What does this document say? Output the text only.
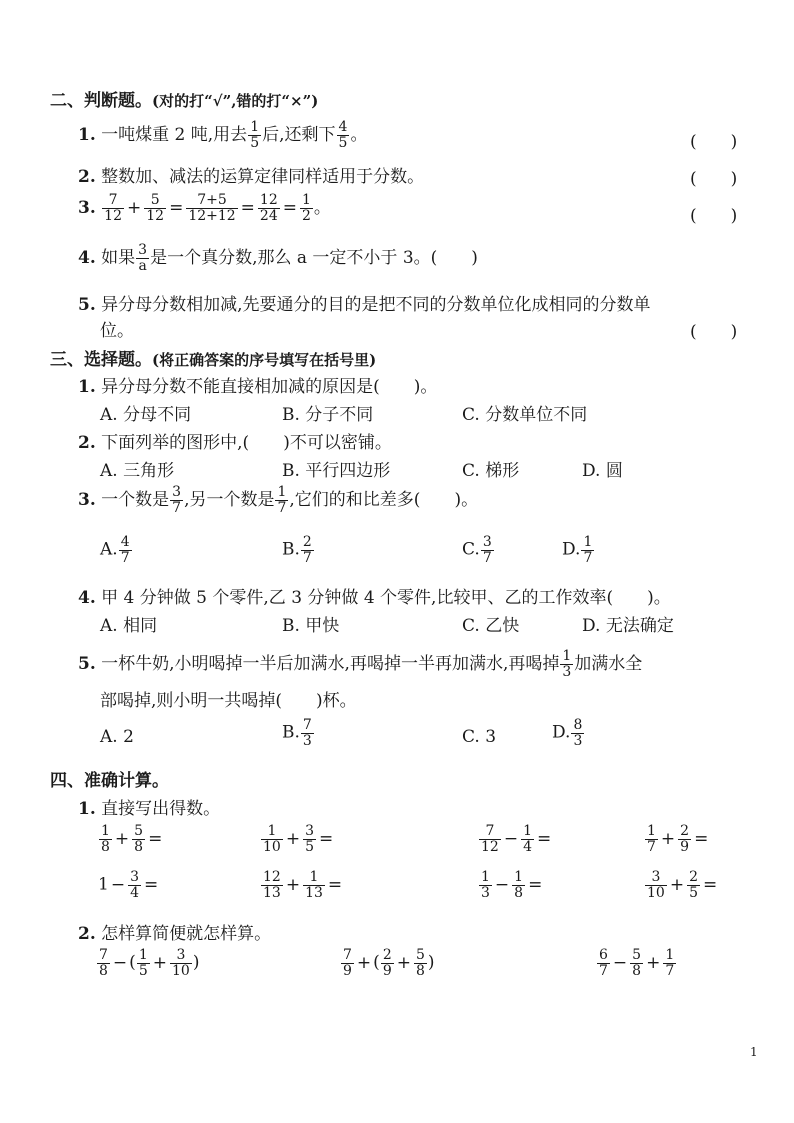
二、判断题。(对的打“√”,错的打“×”)
1. 一吨煤重 2 吨,用去 $\frac{1}{5}$ 后,还剩下 $\frac{4}{5}$ 。	(　　)
2. 整数加、减法的运算定律同样适用于分数。	(　　)
3. $\frac{7}{12} + \frac{5}{12} = \frac{7+5}{12+12} = \frac{12}{24} = \frac{1}{2}$ 。	(　　)
4. 如果 $\frac{3}{a}$ 是一个真分数,那么 a 一定不小于 3。(　　)
5. 异分母分数相加减,先要通分的目的是把不同的分数单位化成相同的分数单
位。	(　　)
三、选择题。(将正确答案的序号填写在括号里)
1. 异分母分数不能直接相加减的原因是(　　)。
A. 分母不同	B. 分子不同	C. 分数单位不同
2. 下面列举的图形中,(　　)不可以密铺。
A. 三角形	B. 平行四边形	C. 梯形	D. 圆
3. 一个数是 $\frac{3}{7}$ ,另一个数是 $\frac{1}{7}$ ,它们的和比差多(　　)。
A. $\frac{4}{7}$	B. $\frac{2}{7}$	C. $\frac{3}{7}$	D. $\frac{1}{7}$
4. 甲 4 分钟做 5 个零件,乙 3 分钟做 4 个零件,比较甲、乙的工作效率(　　)。
A. 相同	B. 甲快	C. 乙快	D. 无法确定
5. 一杯牛奶,小明喝掉一半后加满水,再喝掉一半再加满水,再喝掉 $\frac{1}{3}$ 加满水全
部喝掉,则小明一共喝掉(　　)杯。
A. 2	B. $\frac{7}{3}$	C. 3	D. $\frac{8}{3}$
四、准确计算。
1. 直接写出得数。
$\frac{1}{8} + \frac{5}{8}$ =	$\frac{1}{10} + \frac{3}{5}$ =	$\frac{7}{12} - \frac{1}{4}$ =	$\frac{1}{7} + \frac{2}{9}$ =
$1 - \frac{3}{4}$ =	$\frac{12}{13} + \frac{1}{13}$ =	$\frac{1}{3} - \frac{1}{8}$ =	$\frac{3}{10} + \frac{2}{5}$ =
2. 怎样算简便就怎样算。
$\frac{7}{8}$ − ( $\frac{1}{5} + \frac{3}{10}$ )	$\frac{7}{9}$ + ( $\frac{2}{9} + \frac{5}{8}$ )	$\frac{6}{7} - \frac{5}{8} + \frac{1}{7}$
1
